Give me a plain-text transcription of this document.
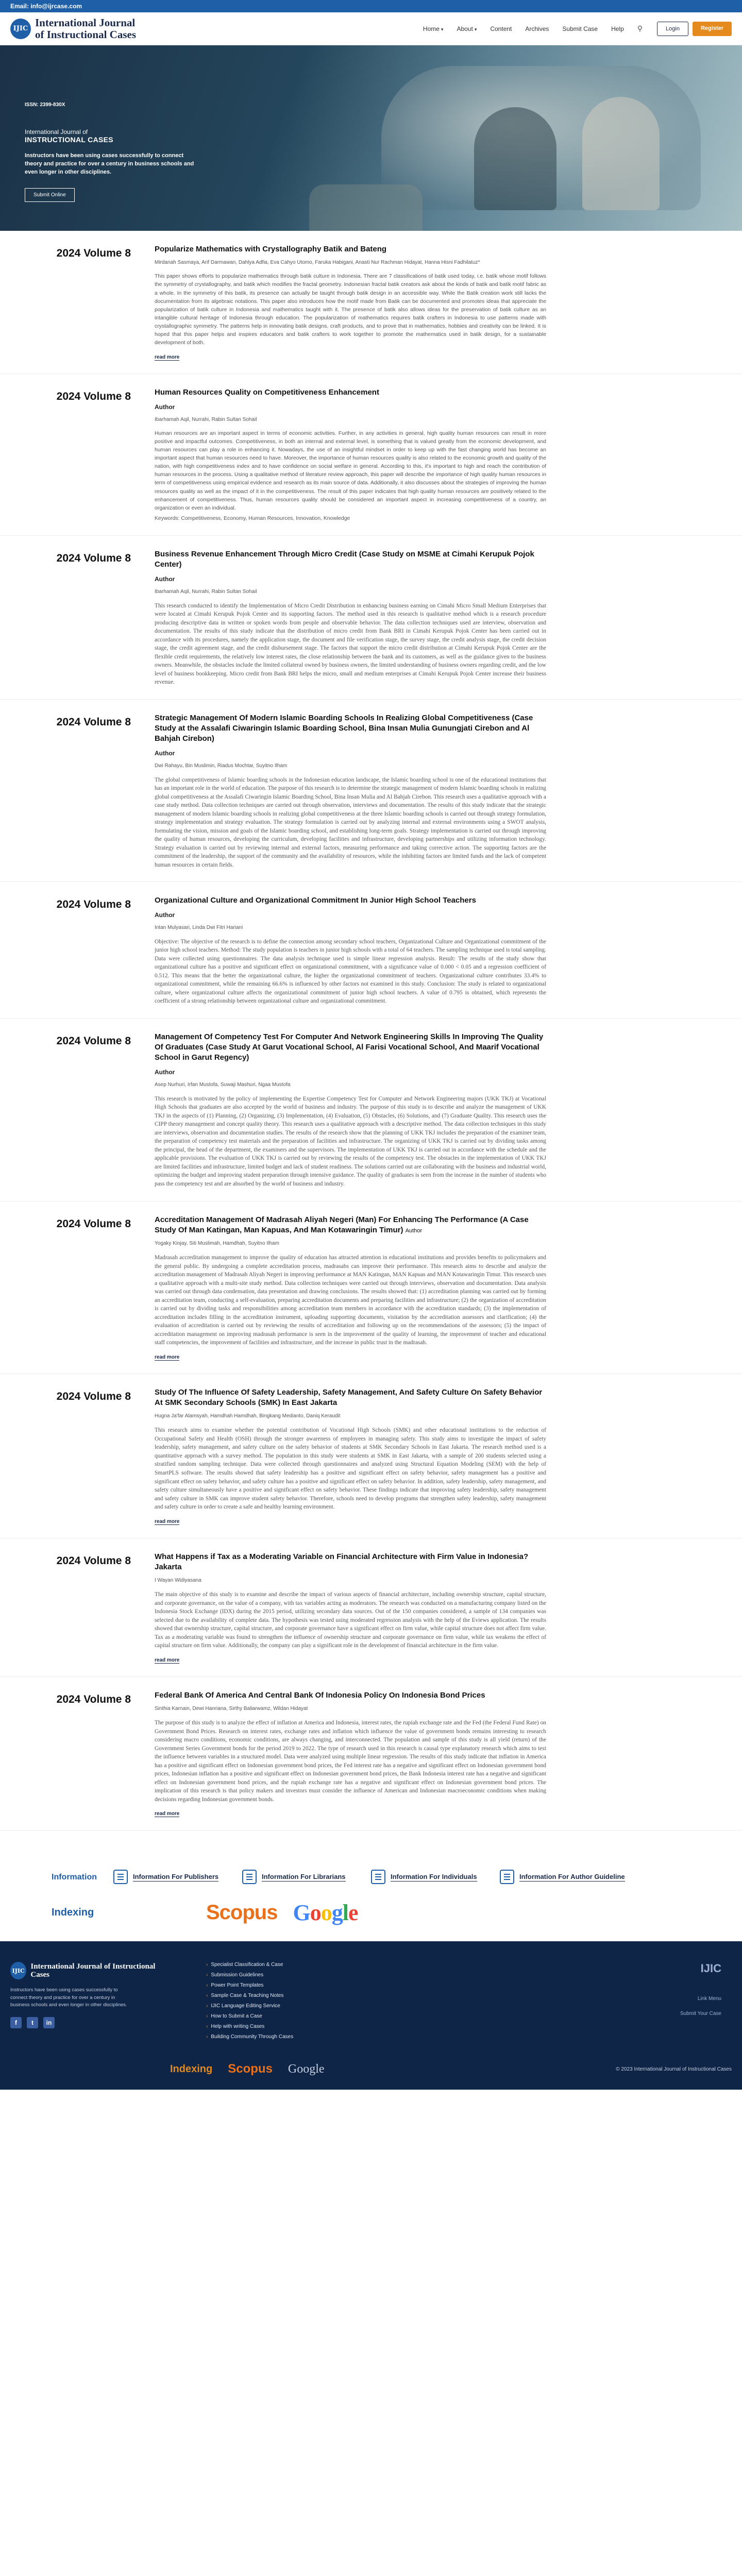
Email: info@ijrcase.com
IJIC International Journal
of Instructional Cases	Home ▾ About ▾ Content Archives Submit Case Help ⚲	Login	Register
ISSN: 2399-830X
International Journal of
INSTRUCTIONAL CASES
Instructors have been using cases successfully to connect theory and practice for over a century in business schools and even longer in other disciplines.
Submit Online
2024 Volume 8	Popularize Mathematics with Crystallography Batik and Bateng
Mirdanah Sasmaya, Arif Darmawan, Dahlya Adfia, Eva Cahyo Utomo, Faruka Habigani, Anasti Nur Rachman Hidayat, Hanna Hisni Fadhilatuz*
This paper shows efforts to popularize mathematics through batik culture in Indonesia. There are 7 classifications of batik used today, i.e. batik whose motif follows the symmetry of crystallography, and batik which modifies the fractal geometry. Indonesian fractal batik creators ask about the kinds of batik and batik motif fabric as a whole. In the symmetry of this batik, its presence can actually be taught through batik design in an accessible way. While the Batik creation work still lacks the documentation from its algebraic notations. This paper also introduces how the motif made from Batik can be documented and promotes ideas that appreciate the popularization of batik culture in Indonesia and mathematics taught with it. The presence of batik also allows ideas for the preservation of batik culture as an intangible cultural heritage of Indonesia through education. The popularization of mathematics requires batik crafters in Indonesia to use patterns made with crystallographic symmetry. The patterns help in innovating batik designs, craft products, and to prove that in mathematics, hobbies and creativity can be linked. It is hoped that this paper helps and inspires educators and batik crafters to work together to promote the mathematics used in batik design, for a sustainable development of both.
read more
2024 Volume 8	Human Resources Quality on Competitiveness Enhancement
Author
Ibarhamah Aqil, Nurrahi, Rabin Sultan Sohail
Human resources are an important aspect in terms of economic activities. Further, in any activities in general, high quality human resources can result in more positive and impactful outcomes. Competitiveness, in both an internal and external level, is something that is valued greatly from the economic development, and human resources can play a role in enhancing it. Nowadays, the use of an insightful mindset in order to keep up with the fast changing world has become an important aspect that human resources need to have. Moreover, the importance of human resources quality is also related to the economic growth and quality of the nation, with high competitiveness index and to have confidence on social welfare in general. According to this, it's important to high and reach the contribution of human resources in the process. Using a qualitative method of literature review approach, this paper will describe the importance of high quality human resources in term of competitiveness using empirical evidence and research as its main source of data. Additionally, it also discusses about the strategies of improving the human resources quality as well as the impact of it in the competitiveness. The result of this paper indicates that high quality human resources are positively related to the enhancement of competitiveness. Thus, human resources quality should be considered an important aspect in increasing competitiveness of a country, an organization or even an individual.
Keywords: Competitiveness, Economy, Human Resources, Innovation, Knowledge
2024 Volume 8	Business Revenue Enhancement Through Micro Credit (Case Study on MSME at Cimahi Kerupuk Pojok Center)
Author
Ibarhamah Aqil, Nurrahi, Rabin Sultan Sohail
This research conducted to identify the Implementation of Micro Credit Distribution in enhancing business earning on Cimahi Micro Small Medium Enterprises that were located at Cimahi Kerupuk Pojok Center and its supporting factors. The method used in this research is qualitative method which is a research procedure producing descriptive data in written or spoken words from people and observable behavior. The data collection techniques used are interview, observation and documentation. The results of this study indicate that the distribution of micro credit from Bank BRI in Cimahi Kerupuk Pojok Center has been carried out in accordance with its procedures, namely the application stage, the document and file verification stage, the survey stage, the credit analysis stage, the credit decision stage, the credit agreement stage, and the credit disbursement stage. The factors that support the micro credit distribution at Cimahi Kerupuk Pojok Center are the flexible credit requirements, the relatively low interest rates, the close relationship between the bank and its customers, as well as the guidance given to the business owners. Meanwhile, the obstacles include the limited collateral owned by business owners, the limited understanding of business owners regarding credit, and the low level of business bookkeeping. Micro credit from Bank BRI helps the micro, small and medium enterprises at Cimahi Kerupuk Pojok Center increase their business revenue.
2024 Volume 8	Strategic Management Of Modern Islamic Boarding Schools In Realizing Global Competitiveness (Case Study at the Assalafi Ciwaringin Islamic Boarding School, Bina Insan Mulia Gunungjati Cirebon and Al Bahjah Cirebon)
Author
Dwi Rahayu, Bin Muslimin, Riadus Mochtar, Suyitno Ilham
The global competitiveness of Islamic boarding schools in the Indonesian education landscape, the Islamic boarding school is one of the educational institutions that has an important role in the world of education. The purpose of this research is to determine the strategic management of modern Islamic boarding schools in realizing global competitiveness at the Assalafi Ciwaringin Islamic Boarding School, Bina Insan Mulia and Al Bahjah Cirebon. This research uses a qualitative approach with a case study method. Data collection techniques are carried out through observation, interviews and documentation. The results of this study indicate that the strategic management of modern Islamic boarding schools in realizing global competitiveness at the three Islamic boarding schools is carried out through strategy formulation, strategy implementation and strategy evaluation. The strategy formulation is carried out by analyzing internal and external environments using a SWOT analysis, formulating the vision, mission and goals of the Islamic boarding school, and establishing long-term goals. Strategy implementation is carried out through improving the quality of human resources, developing the curriculum, developing facilities and infrastructure, developing partnerships and utilizing information technology. Strategy evaluation is carried out by reviewing internal and external factors, measuring performance and taking corrective action. The supporting factors are the commitment of the leadership, the support of the community and the availability of resources, while the inhibiting factors are limited funds and the lack of competent human resources in certain fields.
2024 Volume 8	Organizational Culture and Organizational Commitment In Junior High School Teachers
Author
Intan Mulyasari, Linda Dwi Fitri Hariani
Objective: The objective of the research is to define the connection among secondary school teachers, Organizational Culture and Organizational commitment of the junior high school teachers. Method: The study population is teachers in junior high schools with a total of 64 teachers. The sampling technique used is total sampling. Data were collected using questionnaires. The data analysis technique used is simple linear regression analysis. Result: The results of the study show that organizational culture has a positive and significant effect on organizational commitment, with a significance value of 0.000 < 0.05 and a regression coefficient of 0.512. This means that the better the organizational culture, the higher the organizational commitment of teachers. Organizational culture contributes 33.4% to organizational commitment, while the remaining 66.6% is influenced by other factors not examined in this study. Conclusion: The study is related to organizational culture, where organizational culture affects the organizational commitment of junior high school teachers. A value of 0.795 is obtained, which represents the coefficient of a strong relationship between organizational culture and organizational commitment.
2024 Volume 8	Management Of Competency Test For Computer And Network Engineering Skills In Improving The Quality Of Graduates (Case Study At Garut Vocational School, Al Farisi Vocational School, And Maarif Vocational School in Garut Regency)
Author
Asep Nurhuri, Irfan Mustofa, Suwaji Mashuri, Ngaa Mustofa
This research is motivated by the policy of implementing the Expertise Competency Test for Computer and Network Engineering majors (UKK TKJ) at Vocational High Schools that graduates are also accepted by the world of business and industry. The purpose of this study is to describe and analyze the management of UKK TKJ in the aspects of (1) Planning, (2) Organizing, (3) Implementation, (4) Evaluation, (5) Obstacles, (6) Solutions, and (7) Graduate Quality. This research uses the CIPP theory management and concept quality theory. This research uses a qualitative approach with a descriptive method. The data collection techniques in this study are interviews, observation and documentation studies. The results of the research show that the planning of UKK TKJ includes the preparation of the examiner team, the preparation of competency test materials and the preparation of facilities and infrastructure. The organizing of UKK TKJ is carried out by dividing tasks among the principal, the head of the department, the examiners and the supervisors. The implementation of UKK TKJ is carried out in accordance with the schedule and the applicable provisions. The evaluation of UKK TKJ is carried out by reviewing the results of the competency test. The obstacles in the implementation of UKK TKJ are limited facilities and infrastructure, limited budget and lack of student readiness. The solutions carried out are collaborating with the business and industrial world, optimizing the budget and improving student preparation through intensive guidance. The quality of graduates is seen from the increase in the number of students who pass the competency test and are absorbed by the world of business and industry.
2024 Volume 8	Accreditation Management Of Madrasah Aliyah Negeri (Man) For Enhancing The Performance (A Case Study Of Man Katingan, Man Kapuas, And Man Kotawaringin Timur) Author
Yogaky Kinjay, Siti Muslimah, Hamdhah, Suyitno Ilham
Madrasah accreditation management to improve the quality of education has attracted attention in educational institutions and provides benefits to policymakers and the general public. By undergoing a complete accreditation process, madrasahs can improve their performance. This research aims to describe and analyze the accreditation management of Madrasah Aliyah Negeri in improving performance at MAN Katingan, MAN Kapuas and MAN Kotawaringin Timur. This research uses a qualitative approach with a multi-site study method. Data collection techniques were carried out through interviews, observation and documentation. Data analysis was carried out through data condensation, data presentation and drawing conclusions. The results showed that: (1) accreditation planning was carried out by forming an accreditation team, conducting a self-evaluation, preparing accreditation documents and preparing facilities and infrastructure; (2) the organization of accreditation is carried out by dividing tasks and responsibilities among accreditation team members in accordance with the accreditation standards; (3) the implementation of accreditation includes filling in the accreditation instrument, uploading supporting documents, visitation by the accreditation assessors and clarification; (4) the evaluation of accreditation is carried out by reviewing the results of accreditation and following up on the recommendations of the assessors; (5) the impact of accreditation management on improving madrasah performance is seen in the improvement of the quality of learning, the improvement of teacher and educational staff competencies, the improvement of facilities and infrastructure, and the increase in public trust in the madrasah.
read more
2024 Volume 8	Study Of The Influence Of Safety Leadership, Safety Management, And Safety Culture On Safety Behavior At SMK Secondary Schools (SMK) In East Jakarta
Hugna Ja'far Alamsyah, Hamdhah Hamdhah, Bingkang Medianto, Daniq Keraudit
This research aims to examine whether the potential contribution of Vocational High Schools (SMK) and other educational institutions to the reduction of Occupational Safety and Health (OSH) through the stronger awareness of employees in managing safety. This study aims to investigate the impact of safety leadership, safety management, and safety culture on the safety behavior of students at SMK Secondary Schools in East Jakarta. The research method used is a quantitative approach with a survey method. The population in this study were students at SMK in East Jakarta, with a sample of 200 students selected using a stratified random sampling technique. Data were collected through questionnaires and analyzed using Structural Equation Modeling (SEM) with the help of SmartPLS software. The results showed that safety leadership has a positive and significant effect on safety behavior, safety management has a positive and significant effect on safety behavior, and safety culture has a positive and significant effect on safety behavior. In addition, safety leadership, safety management, and safety culture simultaneously have a positive and significant effect on safety behavior. These findings indicate that improving safety leadership, safety management and safety culture in SMK can improve student safety behavior. Therefore, schools need to develop programs that strengthen safety leadership, safety management and safety culture in order to create a safe and healthy learning environment.
read more
2024 Volume 8	What Happens if Tax as a Moderating Variable on Financial Architecture with Firm Value in Indonesia? Jakarta
I Wayan Widiyasana
The main objective of this study is to examine and describe the impact of various aspects of financial architecture, including ownership structure, capital structure, and corporate governance, on the value of a company, with tax variables acting as moderators. The research was conducted on a manufacturing company listed on the Indonesia Stock Exchange (IDX) during the 2015 period, utilizing secondary data sources. Out of the 150 companies considered, a sample of 134 companies was selected due to the availability of complete data. The hypothesis was tested using moderated regression analysis with the help of the Eviews application. The results showed that ownership structure, capital structure, and corporate governance have a significant effect on firm value, while capital structure does not affect firm value. Tax as a moderating variable was found to strengthen the influence of ownership structure and corporate governance on firm value, while tax weakens the effect of capital structure on firm value. Additionally, the company can play a significant role in the development of financial architecture in the firm value.
read more
2024 Volume 8	Federal Bank Of America And Central Bank Of Indonesia Policy On Indonesia Bond Prices
Sinthia Karnain, Dewi Hanriana, Sirthy Baliarwamz, Wildan Hidayat
The purpose of this study is to analyze the effect of inflation at America and Indonesia, interest rates, the rupiah exchange rate and the Fed (the Federal Fund Rate) on Government Bond Prices. Research on interest rates, exchange rates and inflation which influence the value of government bonds remains interesting to research considering macro conditions, economic conditions, are always changing, and interconnected. The population and sample of this study is all yield (return) of the Government Series Government bonds for the period 2019 to 2022. The type of research used in this research is causal type explanatory research which aims to test the influence between variables in a structured model. Data were analyzed using multiple linear regression. The results of this study indicate that inflation in America has a positive and significant effect on Indonesian government bond prices, the Fed interest rate has a negative and significant effect on Indonesian government bond prices, Indonesian inflation has a positive and significant effect on Indonesian government bond prices, the Bank Indonesia interest rate has a negative and significant effect on Indonesian government bond prices, and the rupiah exchange rate has a negative and significant effect on Indonesian government bond prices. The implication of this research is that policy makers and investors must consider the influence of American and Indonesian macroeconomic conditions when making decisions regarding Indonesian government bonds.
read more
Information	Information For Publishers	Information For Librarians	Information For Individuals	Information For Author Guideline
Indexing	Scopus Google
IJIC
International Journal of Instructional Cases
Instructors have been using cases successfully to connect theory and practice for over a century in business schools and even longer in other disciplines.
f	t	in
› Specialist Classification & Case
› Submission Guidelines
› Power Point Templates
› Sample Case & Teaching Notes
› IJIC Language Editing Service
› How to Submit a Case
› Help with writing Cases
› Building Community Through Cases
IJIC
Link Menu
Submit Your Case
Indexing Scopus Google	© 2023 International Journal of Instructional Cases
